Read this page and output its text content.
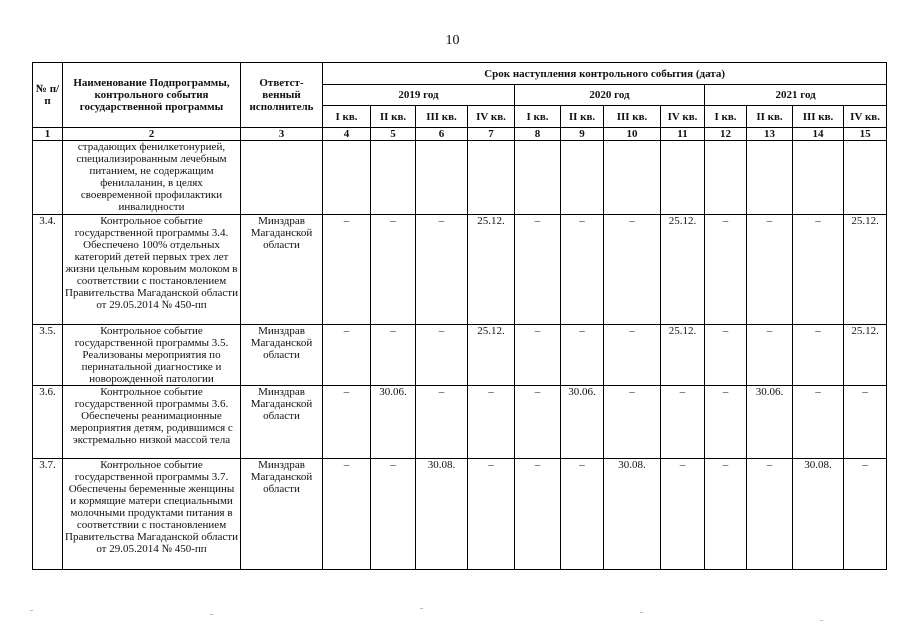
10
№ п/п	Наименование Подпрограммы, контрольного события государственной программы	Ответст-венный исполнитель	Срок наступления контрольного события (дата)											
			2019 год				2020 год				2021 год			
			I кв.	II кв.	III кв.	IV кв.	I кв.	II кв.	III кв.	IV кв.	I кв.	II кв.	III кв.	IV кв.
1	2	3	4	5	6	7	8	9	10	11	12	13	14	15
	страдающих фенилкетонурией, специализированным лечебным питанием, не содержащим фенилаланин, в целях своевременной профилактики инвалидности													
3.4.	Контрольное событие государственной программы 3.4. Обеспечено 100% отдельных категорий детей первых трех лет жизни цельным коровьим молоком в соответствии с постановлением Правительства Магаданской области от 29.05.2014 № 450-пп	Минздрав Магаданской области	–	–	–	25.12.	–	–	–	25.12.	–	–	–	25.12.
3.5.	Контрольное событие государственной программы 3.5. Реализованы мероприятия по перинатальной диагностике и новорожденной патологии	Минздрав Магаданской области	–	–	–	25.12.	–	–	–	25.12.	–	–	–	25.12.
3.6.	Контрольное событие государственной программы 3.6. Обеспечены реанимационные мероприятия детям, родившимся с экстремально низкой массой тела	Минздрав Магаданской области	–	30.06.	–	–	–	30.06.	–	–	–	30.06.	–	–
3.7.	Контрольное событие государственной программы 3.7. Обеспечены беременные женщины и кормящие матери специальными молочными продуктами питания в соответствии с постановлением Правительства Магаданской области от 29.05.2014 № 450-пп	Минздрав Магаданской области	–	–	30.08.	–	–	–	30.08.	–	–	–	30.08.	–
